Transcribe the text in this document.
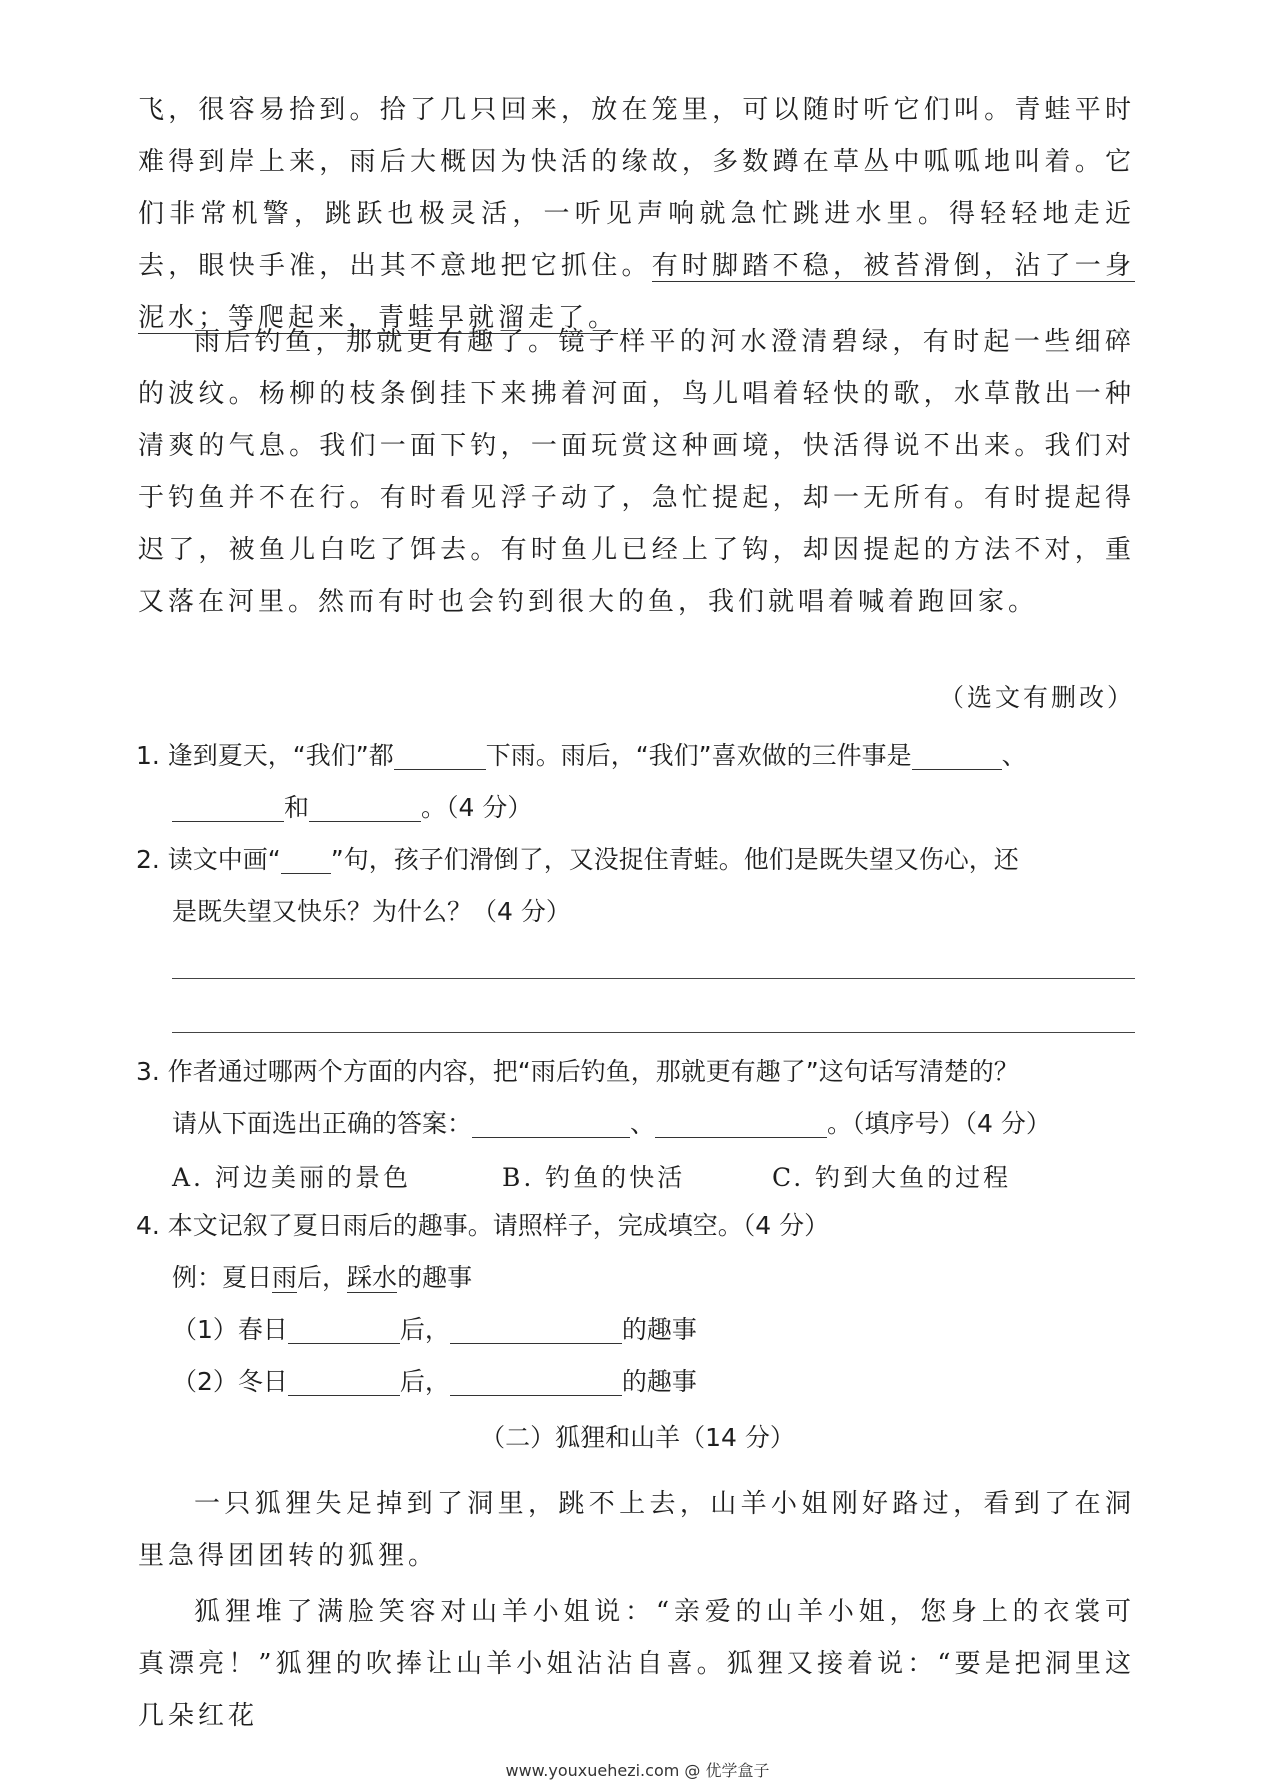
飞，很容易拾到。拾了几只回来，放在笼里，可以随时听它们叫。青蛙平时难得到岸上来，雨后大概因为快活的缘故，多数蹲在草丛中呱呱地叫着。它们非常机警，跳跃也极灵活，一听见声响就急忙跳进水里。得轻轻地走近去，眼快手准，出其不意地把它抓住。有时脚踏不稳，被苔滑倒，沾了一身泥水；等爬起来，青蛙早就溜走了。

雨后钓鱼，那就更有趣了。镜子样平的河水澄清碧绿，有时起一些细碎的波纹。杨柳的枝条倒挂下来拂着河面，鸟儿唱着轻快的歌，水草散出一种清爽的气息。我们一面下钓，一面玩赏这种画境，快活得说不出来。我们对于钓鱼并不在行。有时看见浮子动了，急忙提起，却一无所有。有时提起得迟了，被鱼儿白吃了饵去。有时鱼儿已经上了钩，却因提起的方法不对，重又落在河里。然而有时也会钓到很大的鱼，我们就唱着喊着跑回家。

（选文有删改）
1. 逢到夏天，“我们”都	下雨。雨后，“我们”喜欢做的三件事是	、
和	。（4 分）
2. 读文中画“ ”句，孩子们滑倒了，又没捉住青蛙。他们是既失望又伤心，还
是既失望又快乐？为什么？（4 分）
3. 作者通过哪两个方面的内容，把“雨后钓鱼，那就更有趣了”这句话写清楚的？
请从下面选出正确的答案：	、	。（填序号）（4 分）
A. 河边美丽的景色	B. 钓鱼的快活	C. 钓到大鱼的过程
4. 本文记叙了夏日雨后的趣事。请照样子，完成填空。（4 分）
例：夏日雨后，踩水的趣事
（1）春日	后，	的趣事
（2）冬日	后，	的趣事
（二）狐狸和山羊（14 分）

一只狐狸失足掉到了洞里，跳不上去，山羊小姐刚好路过，看到了在洞里急得团团转的狐狸。

狐狸堆了满脸笑容对山羊小姐说：“亲爱的山羊小姐，您身上的衣裳可真漂亮！”狐狸的吹捧让山羊小姐沾沾自喜。狐狸又接着说：“要是把洞里这几朵红花

www.youxuehezi.com @ 优学盒子
